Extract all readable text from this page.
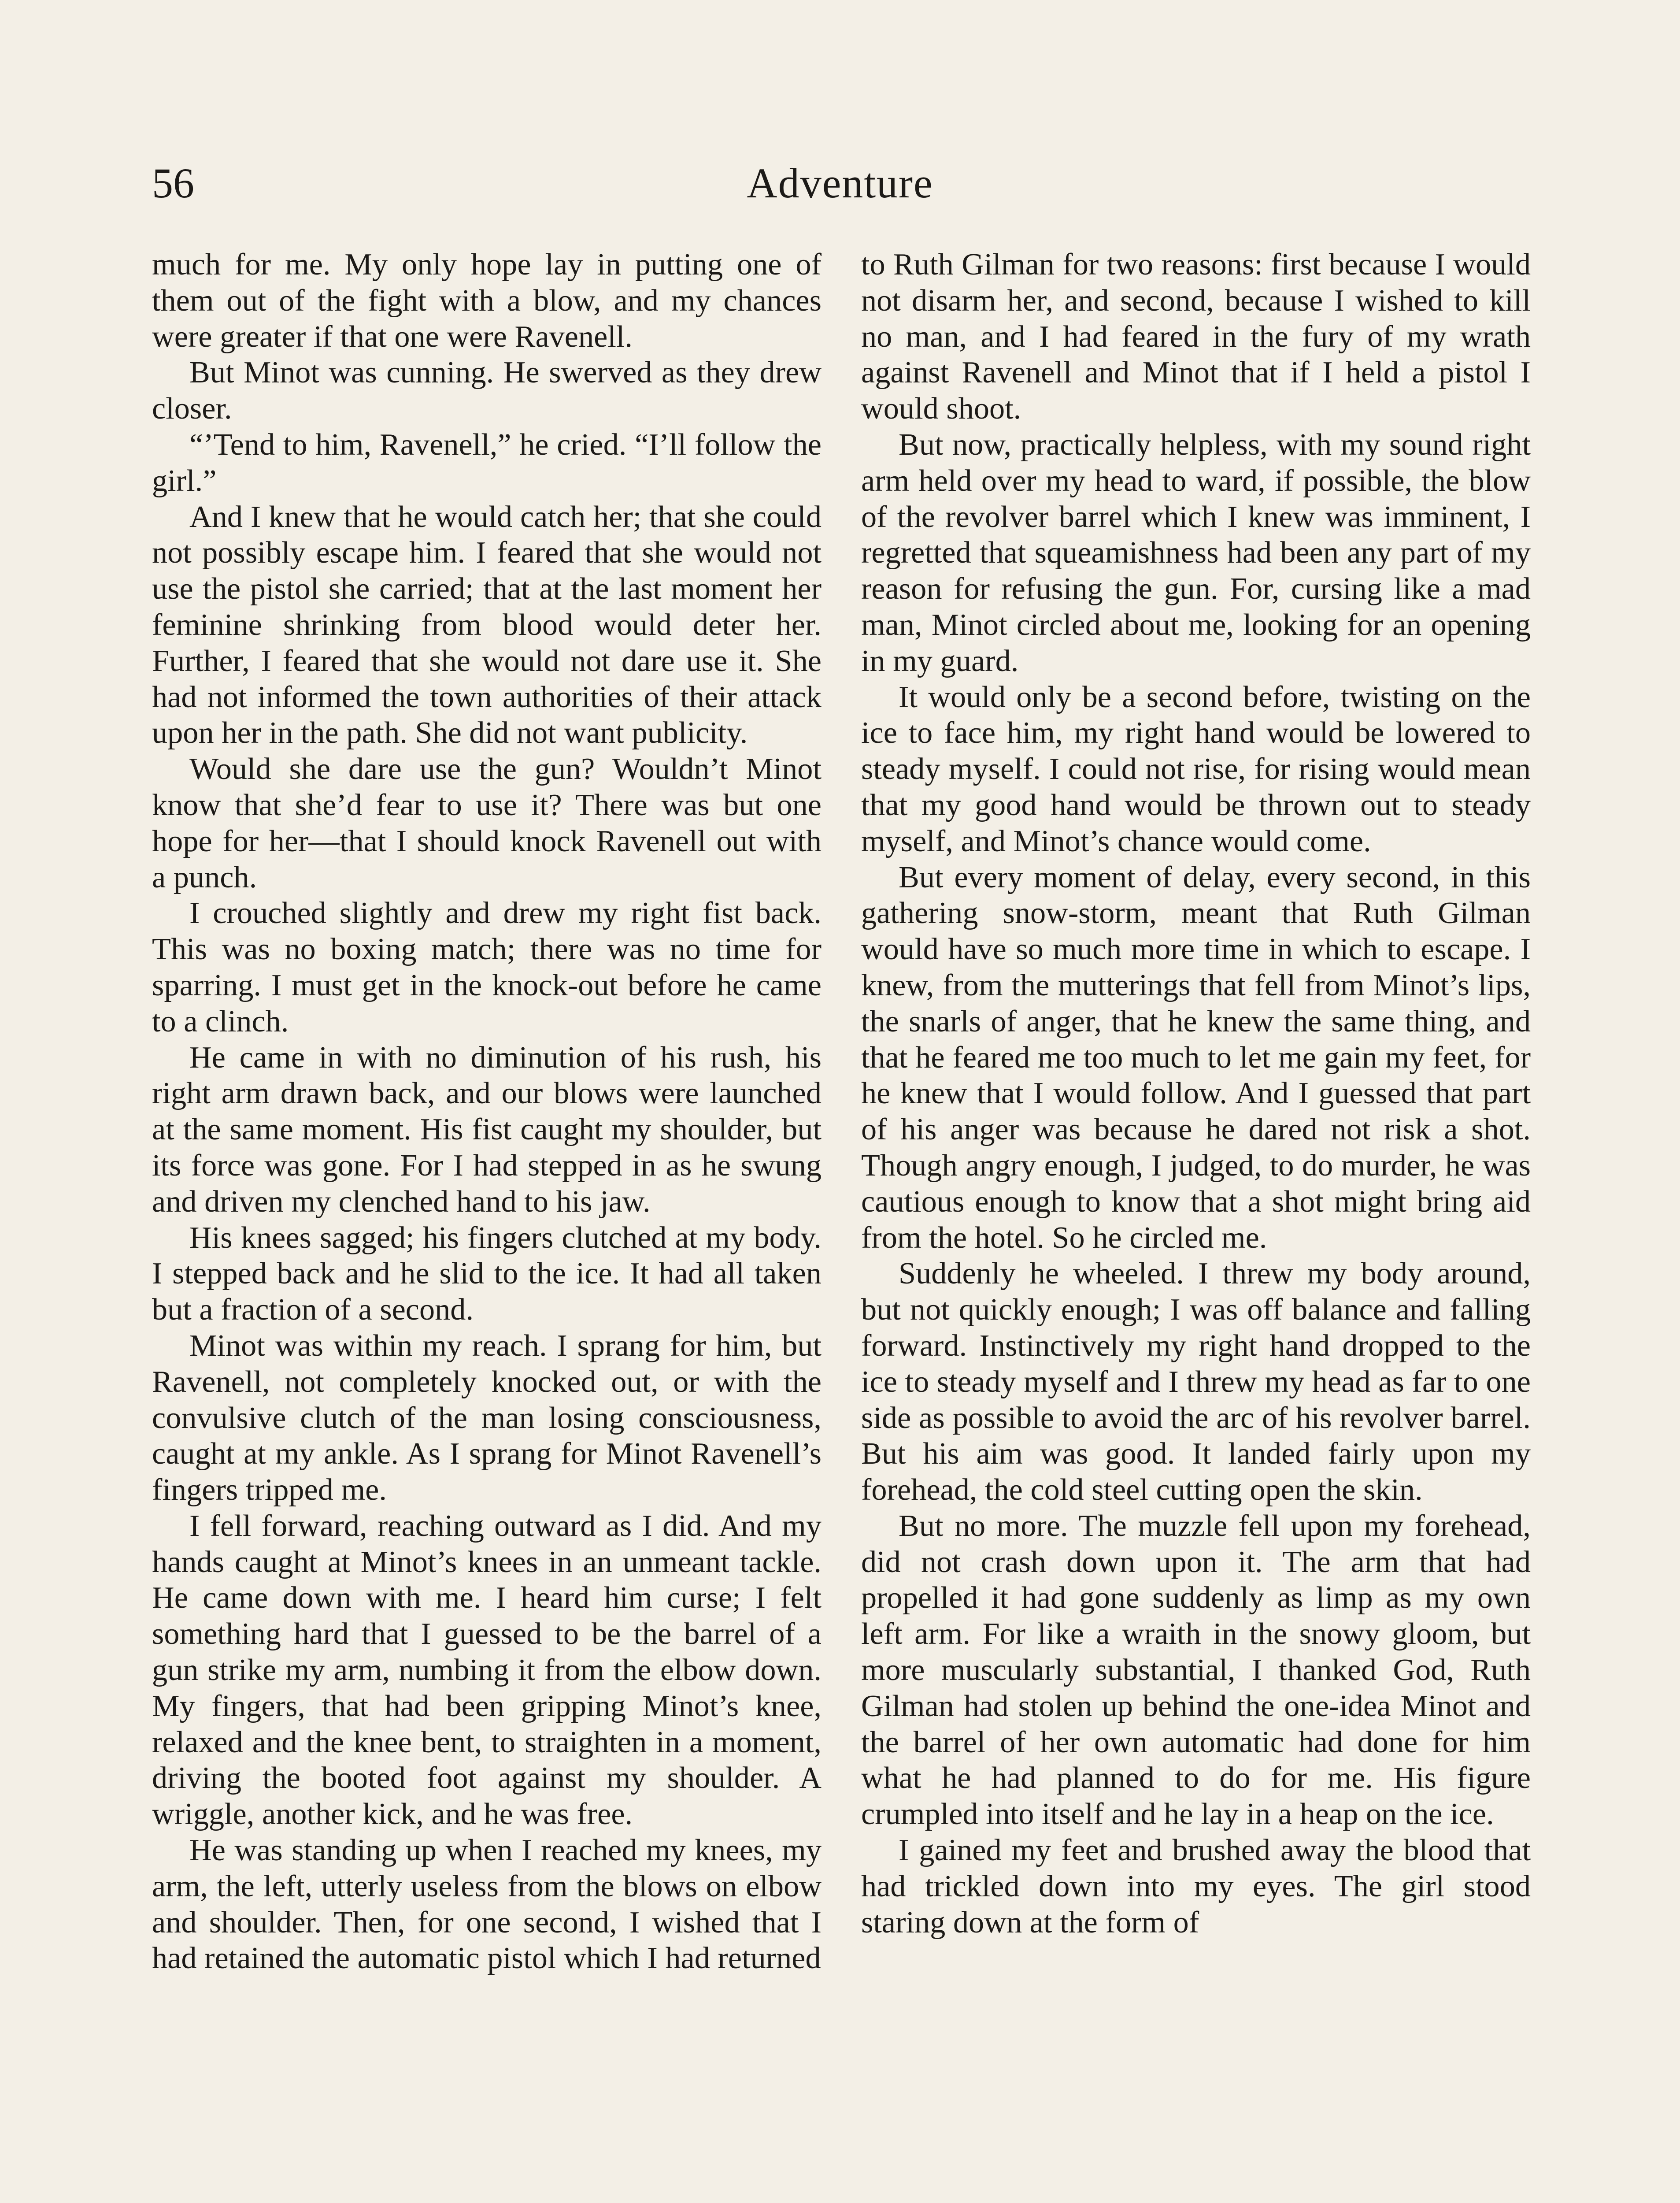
56	Adventure

much for me. My only hope lay in putting one of them out of the fight with a blow, and my chances were greater if that one were Ravenell.

But Minot was cunning. He swerved as they drew closer.

“’Tend to him, Ravenell,” he cried. “I’ll follow the girl.”

And I knew that he would catch her; that she could not possibly escape him. I feared that she would not use the pistol she carried; that at the last moment her feminine shrinking from blood would deter her. Further, I feared that she would not dare use it. She had not informed the town authorities of their attack upon her in the path. She did not want publicity.

Would she dare use the gun? Wouldn’t Minot know that she’d fear to use it? There was but one hope for her—that I should knock Ravenell out with a punch.

I crouched slightly and drew my right fist back. This was no boxing match; there was no time for sparring. I must get in the knock-out before he came to a clinch.

He came in with no diminution of his rush, his right arm drawn back, and our blows were launched at the same moment. His fist caught my shoulder, but its force was gone. For I had stepped in as he swung and driven my clenched hand to his jaw.

His knees sagged; his fingers clutched at my body. I stepped back and he slid to the ice. It had all taken but a fraction of a second.

Minot was within my reach. I sprang for him, but Ravenell, not completely knocked out, or with the convulsive clutch of the man losing consciousness, caught at my ankle. As I sprang for Minot Ravenell’s fingers tripped me.

I fell forward, reaching outward as I did. And my hands caught at Minot’s knees in an unmeant tackle. He came down with me. I heard him curse; I felt something hard that I guessed to be the barrel of a gun strike my arm, numbing it from the elbow down. My fingers, that had been gripping Minot’s knee, relaxed and the knee bent, to straighten in a moment, driving the booted foot against my shoulder. A wriggle, another kick, and he was free.

He was standing up when I reached my knees, my arm, the left, utterly useless from the blows on elbow and shoulder. Then, for one second, I wished that I had retained the automatic pistol which I had returned

to Ruth Gilman for two reasons: first because I would not disarm her, and second, because I wished to kill no man, and I had feared in the fury of my wrath against Ravenell and Minot that if I held a pistol I would shoot.

But now, practically helpless, with my sound right arm held over my head to ward, if possible, the blow of the revolver barrel which I knew was imminent, I regretted that squeamishness had been any part of my reason for refusing the gun. For, cursing like a mad man, Minot circled about me, looking for an opening in my guard.

It would only be a second before, twisting on the ice to face him, my right hand would be lowered to steady myself. I could not rise, for rising would mean that my good hand would be thrown out to steady myself, and Minot’s chance would come.

But every moment of delay, every second, in this gathering snow-storm, meant that Ruth Gilman would have so much more time in which to escape. I knew, from the mutterings that fell from Minot’s lips, the snarls of anger, that he knew the same thing, and that he feared me too much to let me gain my feet, for he knew that I would follow. And I guessed that part of his anger was because he dared not risk a shot. Though angry enough, I judged, to do murder, he was cautious enough to know that a shot might bring aid from the hotel. So he circled me.

Suddenly he wheeled. I threw my body around, but not quickly enough; I was off balance and falling forward. Instinctively my right hand dropped to the ice to steady myself and I threw my head as far to one side as possible to avoid the arc of his revolver barrel. But his aim was good. It landed fairly upon my forehead, the cold steel cutting open the skin.

But no more. The muzzle fell upon my forehead, did not crash down upon it. The arm that had propelled it had gone suddenly as limp as my own left arm. For like a wraith in the snowy gloom, but more muscularly substantial, I thanked God, Ruth Gilman had stolen up behind the one-idea Minot and the barrel of her own automatic had done for him what he had planned to do for me. His figure crumpled into itself and he lay in a heap on the ice.

I gained my feet and brushed away the blood that had trickled down into my eyes. The girl stood staring down at the form of
